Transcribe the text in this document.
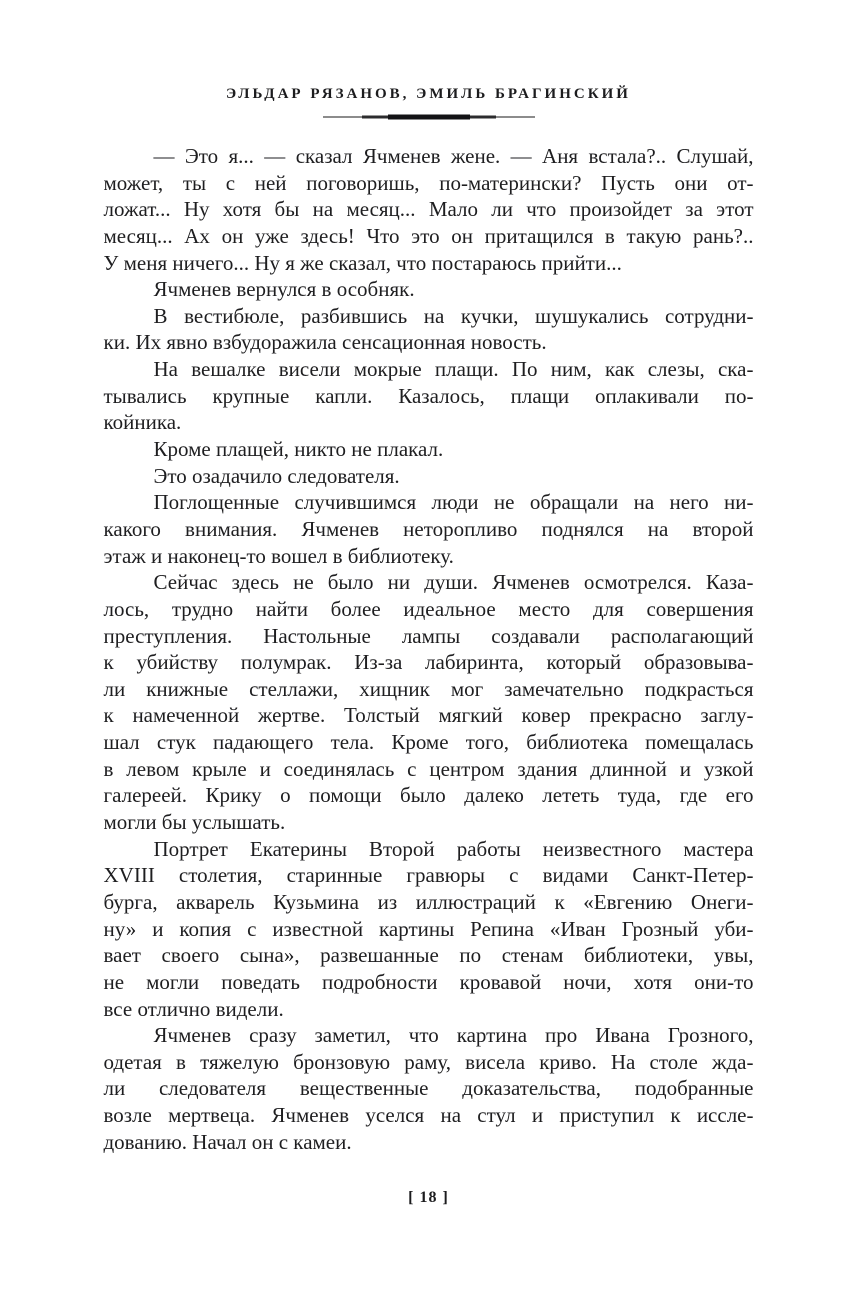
ЭЛЬДАР РЯЗАНОВ, ЭМИЛЬ БРАГИНСКИЙ
— Это я... — сказал Ячменев жене. — Аня встала?.. Слушай,
может, ты с ней поговоришь, по-матерински? Пусть они от-
ложат... Ну хотя бы на месяц... Мало ли что произойдет за этот
месяц... Ах он уже здесь! Что это он притащился в такую рань?..
У меня ничего... Ну я же сказал, что постараюсь прийти...
Ячменев вернулся в особняк.
В вестибюле, разбившись на кучки, шушукались сотрудни-
ки. Их явно взбудоражила сенсационная новость.
На вешалке висели мокрые плащи. По ним, как слезы, ска-
тывались крупные капли. Казалось, плащи оплакивали по-
койника.
Кроме плащей, никто не плакал.
Это озадачило следователя.
Поглощенные случившимся люди не обращали на него ни-
какого внимания. Ячменев неторопливо поднялся на второй
этаж и наконец-то вошел в библиотеку.
Сейчас здесь не было ни души. Ячменев осмотрелся. Каза-
лось, трудно найти более идеальное место для совершения
преступления. Настольные лампы создавали располагающий
к убийству полумрак. Из-за лабиринта, который образовыва-
ли книжные стеллажи, хищник мог замечательно подкрасться
к намеченной жертве. Толстый мягкий ковер прекрасно заглу-
шал стук падающего тела. Кроме того, библиотека помещалась
в левом крыле и соединялась с центром здания длинной и узкой
галереей. Крику о помощи было далеко лететь туда, где его
могли бы услышать.
Портрет Екатерины Второй работы неизвестного мастера
XVIII столетия, старинные гравюры с видами Санкт-Петер-
бурга, акварель Кузьмина из иллюстраций к «Евгению Онеги-
ну» и копия с известной картины Репина «Иван Грозный уби-
вает своего сына», развешанные по стенам библиотеки, увы,
не могли поведать подробности кровавой ночи, хотя они-то
все отлично видели.
Ячменев сразу заметил, что картина про Ивана Грозного,
одетая в тяжелую бронзовую раму, висела криво. На столе жда-
ли следователя вещественные доказательства, подобранные
возле мертвеца. Ячменев уселся на стул и приступил к иссле-
дованию. Начал он с камеи.
[ 18 ]
